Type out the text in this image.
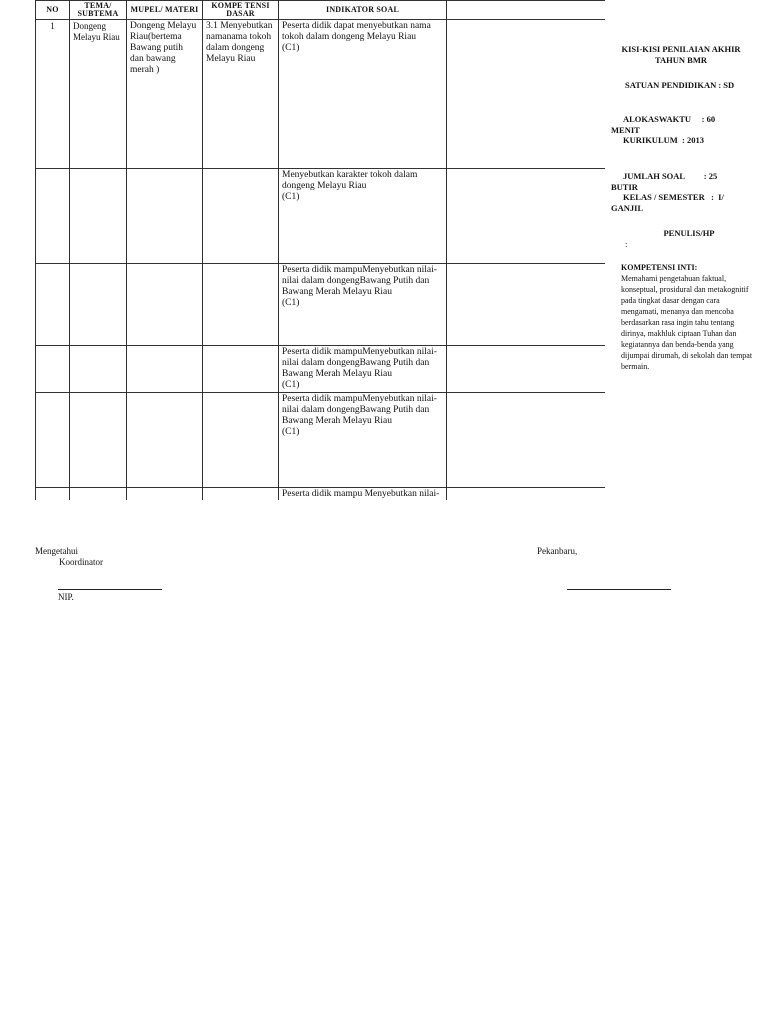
NO	TEMA/ SUBTEMA	MUPEL/ MATERI	KOMPE TENSI DASAR	INDIKATOR SOAL	
1	Dongeng Melayu Riau	Dongeng Melayu Riau(bertema Bawang putih dan bawang merah )	3.1 Menyebutkan namanama tokoh dalam dongeng Melayu Riau	Peserta didik dapat menyebutkan nama tokoh dalam dongeng Melayu Riau
(C1)	
				Menyebutkan karakter tokoh dalam dongeng Melayu Riau
(C1)	
				Peserta didik mampuMenyebutkan nilai-nilai dalam dongengBawang Putih dan Bawang Merah Melayu Riau
(C1)	
				Peserta didik mampuMenyebutkan nilai-nilai dalam dongengBawang Putih dan Bawang Merah Melayu Riau
(C1)	
				Peserta didik mampuMenyebutkan nilai-nilai dalam dongengBawang Putih dan Bawang Merah Melayu Riau
(C1)	
				Peserta didik mampu Menyebutkan nilai-	

KISI-KISI PENILAIAN AKHIR

TAHUN BMR

SATUAN PENDIDIKAN : SD

ALOKASWAKTU     : 60

MENIT

KURIKULUM  : 2013

JUMLAH SOAL         : 25

BUTIR

KELAS / SEMESTER   :  I/

GANJIL

PENULIS/HP

:

KOMPETENSI INTI:

Memahami pengetahuan faktual, konseptual, prosidural dan metakognitif pada tingkat dasar dengan cara mengamati, menanya dan mencoba berdasarkan rasa ingin tahu tentang dirinya, makhluk ciptaan Tuhan dan kegiatannya dan benda-benda yang dijumpai dirumah, di sekolah dan tempat bermain.

Mengetahui
Koordinator
NIP.
Pekanbaru,
